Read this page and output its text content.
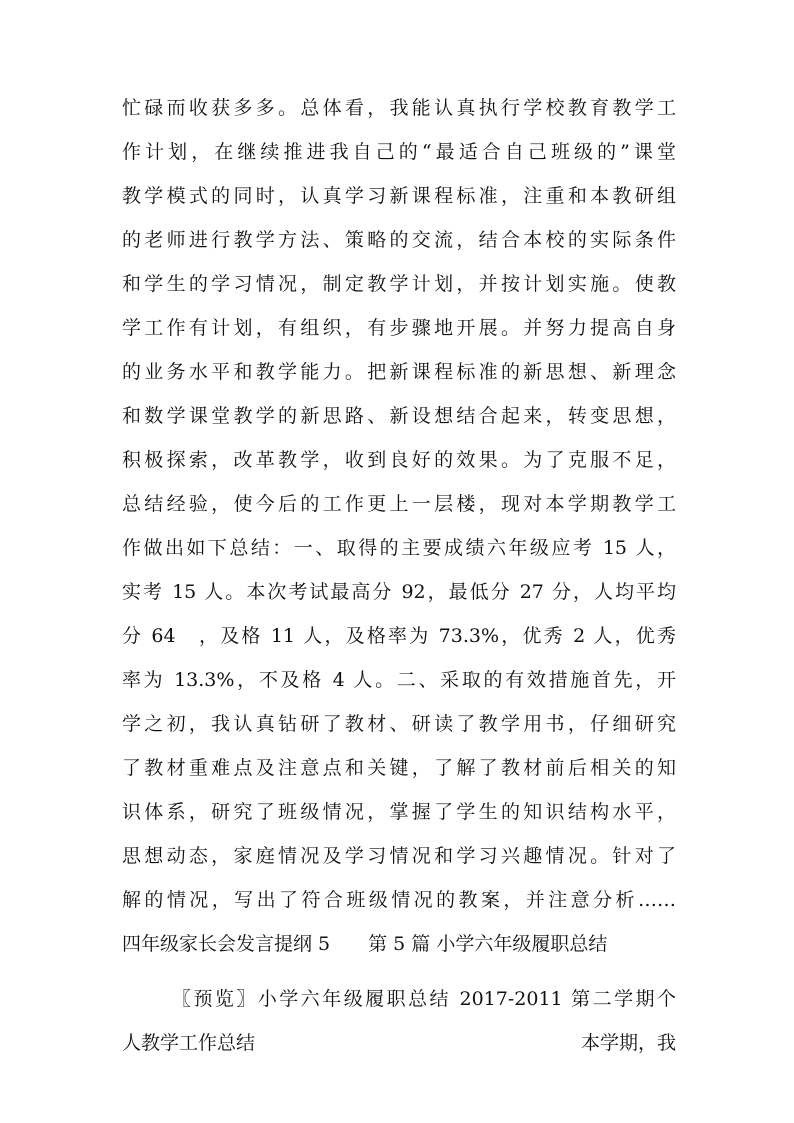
忙碌而收获多多。总体看，我能认真执行学校教育教学工
作计划，在继续推进我自己的“最适合自己班级的”课堂
教学模式的同时，认真学习新课程标准，注重和本教研组
的老师进行教学方法、策略的交流，结合本校的实际条件
和学生的学习情况，制定教学计划，并按计划实施。使教
学工作有计划，有组织，有步骤地开展。并努力提高自身
的业务水平和教学能力。把新课程标准的新思想、新理念
和数学课堂教学的新思路、新设想结合起来，转变思想，
积极探索，改革教学，收到良好的效果。为了克服不足，
总结经验，使今后的工作更上一层楼，现对本学期教学工
作做出如下总结：一、取得的主要成绩六年级应考 15 人，
实考 15 人。本次考试最高分 92，最低分 27 分，人均平均
分 64　，及格 11 人，及格率为 73.3%，优秀 2 人，优秀
率为 13.3%，不及格 4 人。二、采取的有效措施首先，开
学之初，我认真钻研了教材、研读了教学用书，仔细研究
了教材重难点及注意点和关键，了解了教材前后相关的知
识体系，研究了班级情况，掌握了学生的知识结构水平，
思想动态，家庭情况及学习情况和学习兴趣情况。针对了
解的情况，写出了符合班级情况的教案，并注意分析……
四年级家长会发言提纲 5　　第 5 篇 小学六年级履职总结
〖预览〗小学六年级履职总结 2017-2011 第二学期个
人教学工作总结	本学期，我
